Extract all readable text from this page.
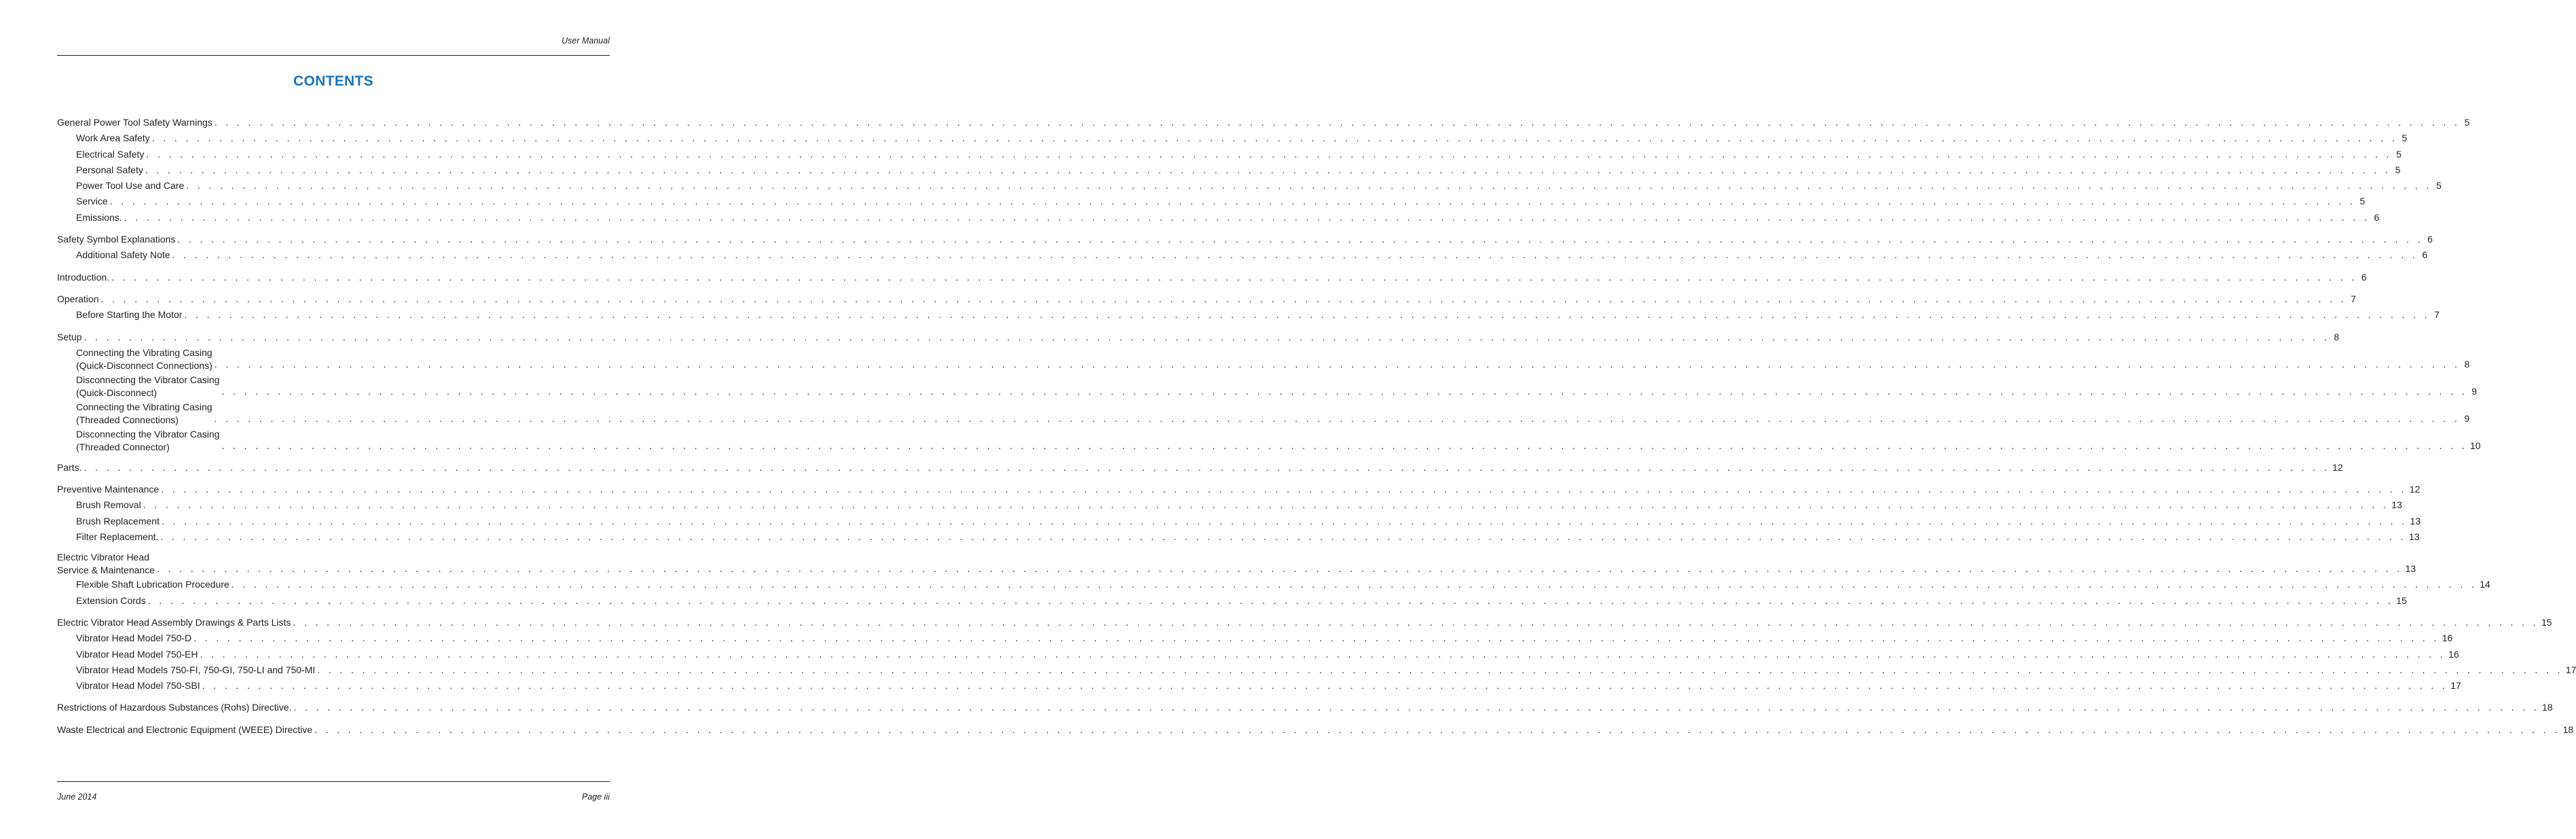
User Manual
CONTENTS
General Power Tool Safety Warnings . . . . . . . . . . . . . . . . . . . . . . . . . . . . . . . . . . . . . . . . . . . . . . . . . . . . . . . . . . . . . . . . . . . . . . . . . . . . . . . . . . . . . . . . . . . . . . . . . . . . . . . . . . . . . . . . . . . . . . . . . . . . . . . . . . . . . . . . . . . . . . . . . . . . . . . . . . . . . . . . . . . . . . . . . . . . . . . . . . . . . . . . . . . . . . . . . . . . . . . . 5
Work Area Safety . . . . . . . . . . . . . . . . . . . . . . . . . . . . . . . . . . . . . . . . . . . . . . . . . . . . . . . . . . . . . . . . . . . . . . . . . . . . . . . . . . . . . . . . . . . . . . . . . . . . . . . . . . . . . . . . . . . . . . . . . . . . . . . . . . . . . . . . . . . . . . . . . . . . . . . . . . . . . . . . . . . . . . . . . . . . . . . . . . . . . . . . . . . . . . . . . . . . . . . . 5
Electrical Safety . . . . . . . . . . . . . . . . . . . . . . . . . . . . . . . . . . . . . . . . . . . . . . . . . . . . . . . . . . . . . . . . . . . . . . . . . . . . . . . . . . . . . . . . . . . . . . . . . . . . . . . . . . . . . . . . . . . . . . . . . . . . . . . . . . . . . . . . . . . . . . . . . . . . . . . . . . . . . . . . . . . . . . . . . . . . . . . . . . . . . . . . . . . . . . . . . . . . . . . . 5
Personal Safety . . . . . . . . . . . . . . . . . . . . . . . . . . . . . . . . . . . . . . . . . . . . . . . . . . . . . . . . . . . . . . . . . . . . . . . . . . . . . . . . . . . . . . . . . . . . . . . . . . . . . . . . . . . . . . . . . . . . . . . . . . . . . . . . . . . . . . . . . . . . . . . . . . . . . . . . . . . . . . . . . . . . . . . . . . . . . . . . . . . . . . . . . . . . . . . . . . . . . . . . 5
Power Tool Use and Care . . . . . . . . . . . . . . . . . . . . . . . . . . . . . . . . . . . . . . . . . . . . . . . . . . . . . . . . . . . . . . . . . . . . . . . . . . . . . . . . . . . . . . . . . . . . . . . . . . . . . . . . . . . . . . . . . . . . . . . . . . . . . . . . . . . . . . . . . . . . . . . . . . . . . . . . . . . . . . . . . . . . . . . . . . . . . . . . . . . . . . . . . . . . . . . . . . . . . . . . 5
Service . . . . . . . . . . . . . . . . . . . . . . . . . . . . . . . . . . . . . . . . . . . . . . . . . . . . . . . . . . . . . . . . . . . . . . . . . . . . . . . . . . . . . . . . . . . . . . . . . . . . . . . . . . . . . . . . . . . . . . . . . . . . . . . . . . . . . . . . . . . . . . . . . . . . . . . . . . . . . . . . . . . . . . . . . . . . . . . . . . . . . . . . . . . . . . . . . . . . . . . . 5
Emissions. . . . . . . . . . . . . . . . . . . . . . . . . . . . . . . . . . . . . . . . . . . . . . . . . . . . . . . . . . . . . . . . . . . . . . . . . . . . . . . . . . . . . . . . . . . . . . . . . . . . . . . . . . . . . . . . . . . . . . . . . . . . . . . . . . . . . . . . . . . . . . . . . . . . . . . . . . . . . . . . . . . . . . . . . . . . . . . . . . . . . . . . . . . . . . . . . . . . . . . . . 6
Safety Symbol Explanations . . . . . . . . . . . . . . . . . . . . . . . . . . . . . . . . . . . . . . . . . . . . . . . . . . . . . . . . . . . . . . . . . . . . . . . . . . . . . . . . . . . . . . . . . . . . . . . . . . . . . . . . . . . . . . . . . . . . . . . . . . . . . . . . . . . . . . . . . . . . . . . . . . . . . . . . . . . . . . . . . . . . . . . . . . . . . . . . . . . . . . . . . . . . . . . . . . . . . . . . 6
Additional Safety Note . . . . . . . . . . . . . . . . . . . . . . . . . . . . . . . . . . . . . . . . . . . . . . . . . . . . . . . . . . . . . . . . . . . . . . . . . . . . . . . . . . . . . . . . . . . . . . . . . . . . . . . . . . . . . . . . . . . . . . . . . . . . . . . . . . . . . . . . . . . . . . . . . . . . . . . . . . . . . . . . . . . . . . . . . . . . . . . . . . . . . . . . . . . . . . . . . . . . . . . . 6
Introduction. . . . . . . . . . . . . . . . . . . . . . . . . . . . . . . . . . . . . . . . . . . . . . . . . . . . . . . . . . . . . . . . . . . . . . . . . . . . . . . . . . . . . . . . . . . . . . . . . . . . . . . . . . . . . . . . . . . . . . . . . . . . . . . . . . . . . . . . . . . . . . . . . . . . . . . . . . . . . . . . . . . . . . . . . . . . . . . . . . . . . . . . . . . . . . . . . . . . . . . . . 6
Operation . . . . . . . . . . . . . . . . . . . . . . . . . . . . . . . . . . . . . . . . . . . . . . . . . . . . . . . . . . . . . . . . . . . . . . . . . . . . . . . . . . . . . . . . . . . . . . . . . . . . . . . . . . . . . . . . . . . . . . . . . . . . . . . . . . . . . . . . . . . . . . . . . . . . . . . . . . . . . . . . . . . . . . . . . . . . . . . . . . . . . . . . . . . . . . . . . . . . . . . . 7
Before Starting the Motor . . . . . . . . . . . . . . . . . . . . . . . . . . . . . . . . . . . . . . . . . . . . . . . . . . . . . . . . . . . . . . . . . . . . . . . . . . . . . . . . . . . . . . . . . . . . . . . . . . . . . . . . . . . . . . . . . . . . . . . . . . . . . . . . . . . . . . . . . . . . . . . . . . . . . . . . . . . . . . . . . . . . . . . . . . . . . . . . . . . . . . . . . . . . . . . . . . . . . . . . 7
Setup . . . . . . . . . . . . . . . . . . . . . . . . . . . . . . . . . . . . . . . . . . . . . . . . . . . . . . . . . . . . . . . . . . . . . . . . . . . . . . . . . . . . . . . . . . . . . . . . . . . . . . . . . . . . . . . . . . . . . . . . . . . . . . . . . . . . . . . . . . . . . . . . . . . . . . . . . . . . . . . . . . . . . . . . . . . . . . . . . . . . . . . . . . . . . . . . . . . . . . . . 8
Connecting the Vibrating Casing
(Quick-Disconnect Connections) . . . . . . . . . . . . . . . . . . . . . . . . . . . . . . . . . . . . . . . . . . . . . . . . . . . . . . . . . . . . . . . . . . . . . . . . . . . . . . . . . . . . . . . . . . . . . . . . . . . . . . . . . . . . . . . . . . . . . . . . . . . . . . . . . . . . . . . . . . . . . . . . . . . . . . . . . . . . . . . . . . . . . . . . . . . . . . . . . . . . . . . . . . . . . . . . . . . . . . . . 8
Disconnecting the Vibrator Casing
(Quick-Disconnect)	. . . . . . . . . . . . . . . . . . . . . . . . . . . . . . . . . . . . . . . . . . . . . . . . . . . . . . . . . . . . . . . . . . . . . . . . . . . . . . . . . . . . . . . . . . . . . . . . . . . . . . . . . . . . . . . . . . . . . . . . . . . . . . . . . . . . . . . . . . . . . . . . . . . . . . . . . . . . . . . . . . . . . . . . . . . . . . . . . . . . . . . . . . . . . . . . . . . . . . . . 9
Connecting the Vibrating Casing
(Threaded Connections)	. . . . . . . . . . . . . . . . . . . . . . . . . . . . . . . . . . . . . . . . . . . . . . . . . . . . . . . . . . . . . . . . . . . . . . . . . . . . . . . . . . . . . . . . . . . . . . . . . . . . . . . . . . . . . . . . . . . . . . . . . . . . . . . . . . . . . . . . . . . . . . . . . . . . . . . . . . . . . . . . . . . . . . . . . . . . . . . . . . . . . . . . . . . . . . . . . . . . . . . . 9
Disconnecting the Vibrator Casing
(Threaded Connector)	. . . . . . . . . . . . . . . . . . . . . . . . . . . . . . . . . . . . . . . . . . . . . . . . . . . . . . . . . . . . . . . . . . . . . . . . . . . . . . . . . . . . . . . . . . . . . . . . . . . . . . . . . . . . . . . . . . . . . . . . . . . . . . . . . . . . . . . . . . . . . . . . . . . . . . . . . . . . . . . . . . . . . . . . . . . . . . . . . . . . . . . . . . . . . . . . . . . . . . . . 10
Parts. . . . . . . . . . . . . . . . . . . . . . . . . . . . . . . . . . . . . . . . . . . . . . . . . . . . . . . . . . . . . . . . . . . . . . . . . . . . . . . . . . . . . . . . . . . . . . . . . . . . . . . . . . . . . . . . . . . . . . . . . . . . . . . . . . . . . . . . . . . . . . . . . . . . . . . . . . . . . . . . . . . . . . . . . . . . . . . . . . . . . . . . . . . . . . . . . . . . . . . . . 12
Preventive Maintenance . . . . . . . . . . . . . . . . . . . . . . . . . . . . . . . . . . . . . . . . . . . . . . . . . . . . . . . . . . . . . . . . . . . . . . . . . . . . . . . . . . . . . . . . . . . . . . . . . . . . . . . . . . . . . . . . . . . . . . . . . . . . . . . . . . . . . . . . . . . . . . . . . . . . . . . . . . . . . . . . . . . . . . . . . . . . . . . . . . . . . . . . . . . . . . . . . . . . . . . . 12
Brush Removal . . . . . . . . . . . . . . . . . . . . . . . . . . . . . . . . . . . . . . . . . . . . . . . . . . . . . . . . . . . . . . . . . . . . . . . . . . . . . . . . . . . . . . . . . . . . . . . . . . . . . . . . . . . . . . . . . . . . . . . . . . . . . . . . . . . . . . . . . . . . . . . . . . . . . . . . . . . . . . . . . . . . . . . . . . . . . . . . . . . . . . . . . . . . . . . . . . . . . . . . 13
Brush Replacement . . . . . . . . . . . . . . . . . . . . . . . . . . . . . . . . . . . . . . . . . . . . . . . . . . . . . . . . . . . . . . . . . . . . . . . . . . . . . . . . . . . . . . . . . . . . . . . . . . . . . . . . . . . . . . . . . . . . . . . . . . . . . . . . . . . . . . . . . . . . . . . . . . . . . . . . . . . . . . . . . . . . . . . . . . . . . . . . . . . . . . . . . . . . . . . . . . . . . . . . 13
Filter Replacement. . . . . . . . . . . . . . . . . . . . . . . . . . . . . . . . . . . . . . . . . . . . . . . . . . . . . . . . . . . . . . . . . . . . . . . . . . . . . . . . . . . . . . . . . . . . . . . . . . . . . . . . . . . . . . . . . . . . . . . . . . . . . . . . . . . . . . . . . . . . . . . . . . . . . . . . . . . . . . . . . . . . . . . . . . . . . . . . . . . . . . . . . . . . . . . . . . . . . . . . . 13
Electric Vibrator Head
Service & Maintenance . . . . . . . . . . . . . . . . . . . . . . . . . . . . . . . . . . . . . . . . . . . . . . . . . . . . . . . . . . . . . . . . . . . . . . . . . . . . . . . . . . . . . . . . . . . . . . . . . . . . . . . . . . . . . . . . . . . . . . . . . . . . . . . . . . . . . . . . . . . . . . . . . . . . . . . . . . . . . . . . . . . . . . . . . . . . . . . . . . . . . . . . . . . . . . . . . . . . . . . . 13
Flexible Shaft Lubrication Procedure . . . . . . . . . . . . . . . . . . . . . . . . . . . . . . . . . . . . . . . . . . . . . . . . . . . . . . . . . . . . . . . . . . . . . . . . . . . . . . . . . . . . . . . . . . . . . . . . . . . . . . . . . . . . . . . . . . . . . . . . . . . . . . . . . . . . . . . . . . . . . . . . . . . . . . . . . . . . . . . . . . . . . . . . . . . . . . . . . . . . . . . . . . . . . . . . . . . . . . . . 14
Extension Cords . . . . . . . . . . . . . . . . . . . . . . . . . . . . . . . . . . . . . . . . . . . . . . . . . . . . . . . . . . . . . . . . . . . . . . . . . . . . . . . . . . . . . . . . . . . . . . . . . . . . . . . . . . . . . . . . . . . . . . . . . . . . . . . . . . . . . . . . . . . . . . . . . . . . . . . . . . . . . . . . . . . . . . . . . . . . . . . . . . . . . . . . . . . . . . . . . . . . . . . . 15
Electric Vibrator Head Assembly Drawings & Parts Lists . . . . . . . . . . . . . . . . . . . . . . . . . . . . . . . . . . . . . . . . . . . . . . . . . . . . . . . . . . . . . . . . . . . . . . . . . . . . . . . . . . . . . . . . . . . . . . . . . . . . . . . . . . . . . . . . . . . . . . . . . . . . . . . . . . . . . . . . . . . . . . . . . . . . . . . . . . . . . . . . . . . . . . . . . . . . . . . . . . . . . . . . . . . . . . . . . . . . . . . . 15
Vibrator Head Model 750-D . . . . . . . . . . . . . . . . . . . . . . . . . . . . . . . . . . . . . . . . . . . . . . . . . . . . . . . . . . . . . . . . . . . . . . . . . . . . . . . . . . . . . . . . . . . . . . . . . . . . . . . . . . . . . . . . . . . . . . . . . . . . . . . . . . . . . . . . . . . . . . . . . . . . . . . . . . . . . . . . . . . . . . . . . . . . . . . . . . . . . . . . . . . . . . . . . . . . . . . . 16
Vibrator Head Model 750-EH . . . . . . . . . . . . . . . . . . . . . . . . . . . . . . . . . . . . . . . . . . . . . . . . . . . . . . . . . . . . . . . . . . . . . . . . . . . . . . . . . . . . . . . . . . . . . . . . . . . . . . . . . . . . . . . . . . . . . . . . . . . . . . . . . . . . . . . . . . . . . . . . . . . . . . . . . . . . . . . . . . . . . . . . . . . . . . . . . . . . . . . . . . . . . . . . . . . . . . . . 16
Vibrator Head Models 750-FI, 750-GI, 750-LI and 750-MI . . . . . . . . . . . . . . . . . . . . . . . . . . . . . . . . . . . . . . . . . . . . . . . . . . . . . . . . . . . . . . . . . . . . . . . . . . . . . . . . . . . . . . . . . . . . . . . . . . . . . . . . . . . . . . . . . . . . . . . . . . . . . . . . . . . . . . . . . . . . . . . . . . . . . . . . . . . . . . . . . . . . . . . . . . . . . . . . . . . . . . . . . . . . . . . . . . . . . . . . 17
Vibrator Head Model 750-SBI . . . . . . . . . . . . . . . . . . . . . . . . . . . . . . . . . . . . . . . . . . . . . . . . . . . . . . . . . . . . . . . . . . . . . . . . . . . . . . . . . . . . . . . . . . . . . . . . . . . . . . . . . . . . . . . . . . . . . . . . . . . . . . . . . . . . . . . . . . . . . . . . . . . . . . . . . . . . . . . . . . . . . . . . . . . . . . . . . . . . . . . . . . . . . . . . . . . . . . . . 17
Restrictions of Hazardous Substances (Rohs) Directive. . . . . . . . . . . . . . . . . . . . . . . . . . . . . . . . . . . . . . . . . . . . . . . . . . . . . . . . . . . . . . . . . . . . . . . . . . . . . . . . . . . . . . . . . . . . . . . . . . . . . . . . . . . . . . . . . . . . . . . . . . . . . . . . . . . . . . . . . . . . . . . . . . . . . . . . . . . . . . . . . . . . . . . . . . . . . . . . . . . . . . . . . . . . . . . . . . . . . . . . . 18
Waste Electrical and Electronic Equipment (WEEE) Directive . . . . . . . . . . . . . . . . . . . . . . . . . . . . . . . . . . . . . . . . . . . . . . . . . . . . . . . . . . . . . . . . . . . . . . . . . . . . . . . . . . . . . . . . . . . . . . . . . . . . . . . . . . . . . . . . . . . . . . . . . . . . . . . . . . . . . . . . . . . . . . . . . . . . . . . . . . . . . . . . . . . . . . . . . . . . . . . . . . . . . . . . . . . . . . . . . . . . . . . . 18
June 2014	Page iii
